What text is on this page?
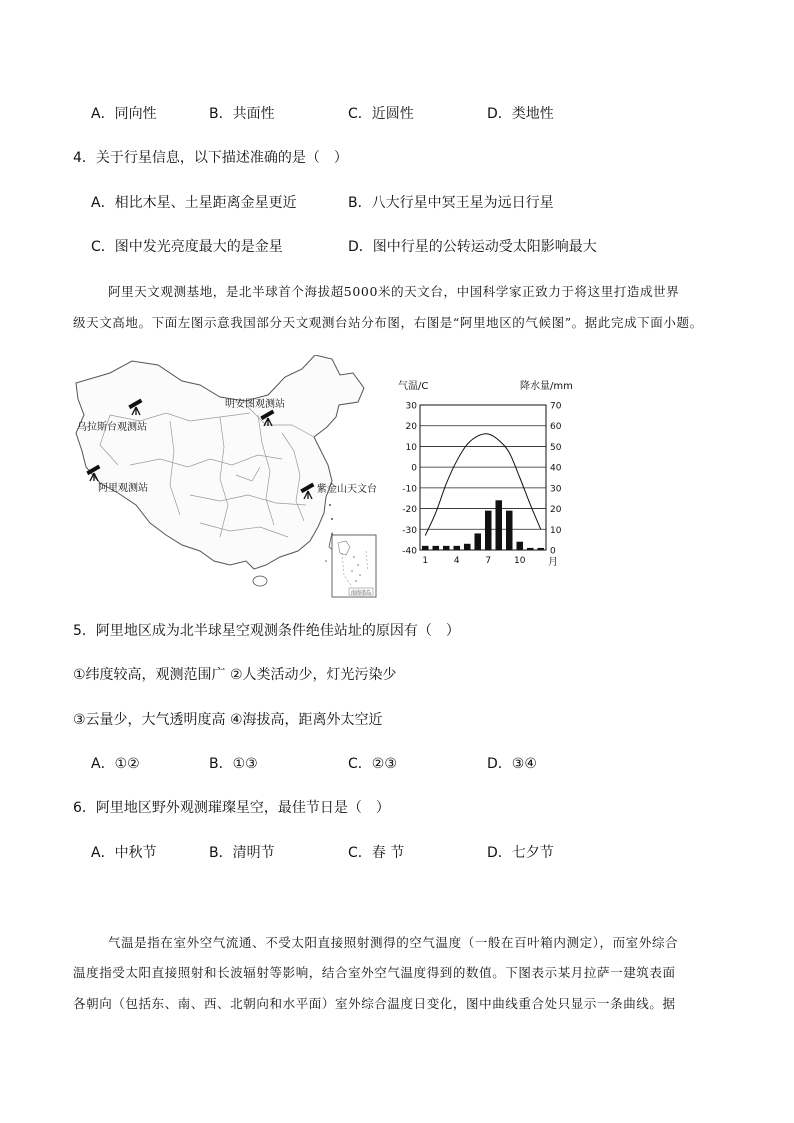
A．同向性	B．共面性	C．近圆性	D．类地性
4．关于行星信息，以下描述准确的是（　）
A．相比木星、土星距离金星更近	B．八大行星中冥王星为远日行星
C．图中发光亮度最大的是金星	D．图中行星的公转运动受太阳影响最大
阿里天文观测基地，是北半球首个海拔超5000米的天文台，中国科学家正致力于将这里打造成世界
级天文高地。下面左图示意我国部分天文观测台站分布图，右图是“阿里地区的气候图”。据此完成下面小题。
南海诸岛
乌拉斯台观测站
明安图观测站
阿里观测站	紫金山天文台
气温/C	降水量/mm
30
20
10
0
-10
-20
-30
-40
70
60
50
40
30
20
10
0
1	4	7	10 月
5．阿里地区成为北半球星空观测条件绝佳站址的原因有（　）
①纬度较高，观测范围广 ②人类活动少，灯光污染少
③云量少，大气透明度高 ④海拔高，距离外太空近
A．①②	B．①③	C．②③	D．③④
6．阿里地区野外观测璀璨星空，最佳节日是（　）
A．中秋节	B．清明节	C．春 节	D．七夕节
气温是指在室外空气流通、不受太阳直接照射测得的空气温度（一般在百叶箱内测定），而室外综合
温度指受太阳直接照射和长波辐射等影响，结合室外空气温度得到的数值。下图表示某月拉萨一建筑表面
各朝向（包括东、南、西、北朝向和水平面）室外综合温度日变化，图中曲线重合处只显示一条曲线。据
